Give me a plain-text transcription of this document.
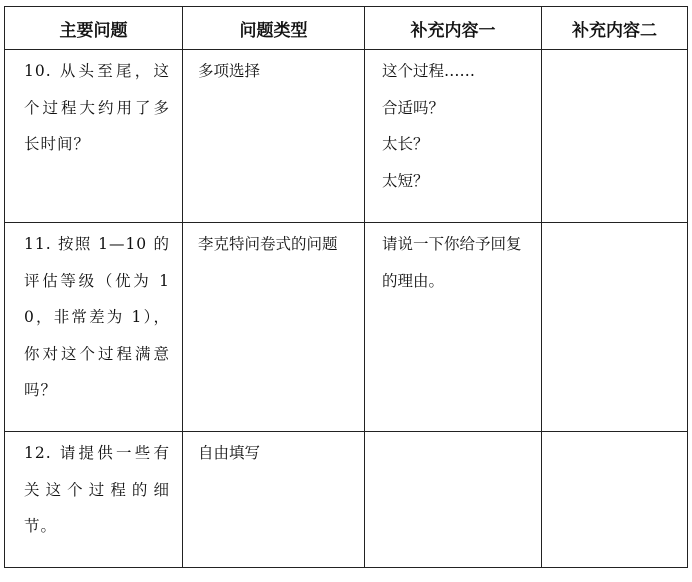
主要问题	问题类型	补充内容一	补充内容二

10. 从头至尾，这个过程大约用了多长时间？	多项选择	这个过程……
合适吗？
太长？
太短？	

11. 按照 1—10 的评估等级（优为 10，非常差为 1），你对这个过程满意吗？	李克特问卷式的问题	请说一下你给予回复的理由。	

12. 请提供一些有关这个过程的细节。	自由填写		
